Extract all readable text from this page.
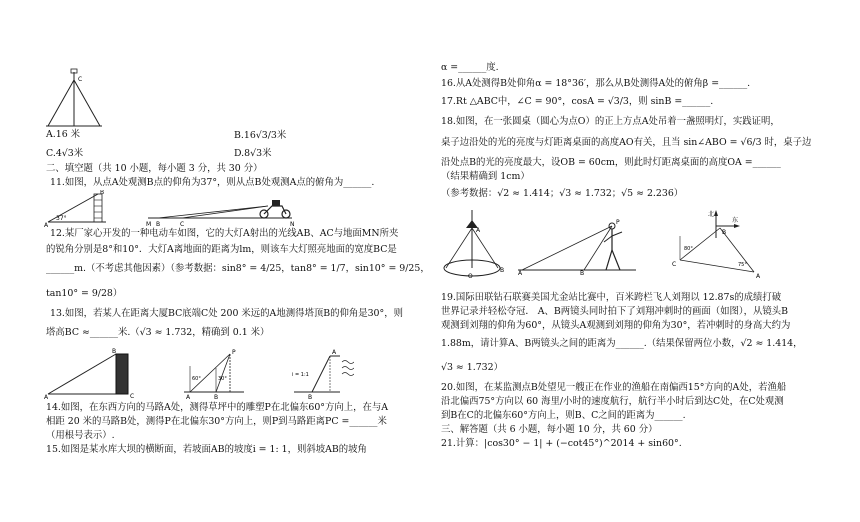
C
A.16 米	B.16√3/3米
C.4√3米	D.8√3米
二、填空题（共 10 小题，每小题 3 分，共 30 分）
11.如图，从点A处观测B点的仰角为37°，则从点B处观测A点的俯角为______.
A
B
37°
M B	C	N
12.某厂家心开发的一种电动车如图，它的大灯A射出的光线AB、AC与地面MN所夹
的锐角分别是8°和10°．大灯A离地面的距离为lm，则该车大灯照亮地面的宽度BC是
______m.（不考虑其他因素）（参考数据：sin8° = 4/25，tan8° = 1/7，sin10° = 9/25，
tan10° = 9/28）
13.如图，若某人在距离大厦BC底端C处 200 米远的A地测得塔顶B的仰角是30°，则
塔高BC ≈______米.（√3 ≈ 1.732，精确到 0.1 米）
A
B
C	A	B
P
60°	30°
A
B
i = 1:1
14.如图，在东西方向的马路A处，测得草坪中的雕塑P在北偏东60°方向上，在与A
相距 20 米的马路B处，测得P在北偏东30°方向上，则P到马路距离PC =______米
（用根号表示）.
15.如图是某水库大坝的横断面，若坡面AB的坡度i = 1: 1，则斜坡AB的坡角
α =______度.
16.从A处测得B处仰角α = 18°36′，那么从B处测得A处的俯角β =______.
17.Rt △ABC中，∠C = 90°，cosA = √3/3，则 sinB =______.
18.如图，在一张圆桌（圆心为点O）的正上方点A处吊着一盏照明灯，实践证明，
桌子边沿处的光的亮度与灯距离桌面的高度AO有关，且当 sin∠ABO = √6/3 时，桌子边
沿处点B的光的亮度最大，设OB = 60cm，则此时灯距离桌面的高度OA =______
（结果精确到 1cm）
（参考数据：√2 ≈ 1.414；√3 ≈ 1.732；√5 ≈ 2.236）
A
O
B A	B
P
北
东
B
C
A
80°
75°
19.国际田联钻石联赛美国尤金站比赛中，百米跨栏飞人刘翔以 12.87s的成绩打破
世界记录并轻松夺冠． A、B两镜头同时拍下了刘翔冲刺时的画面（如图），从镜头B
观测到刘翔的仰角为60°，从镜头A观测到刘翔的仰角为30°，若冲刺时的身高大约为
1.88m，请计算A、B两镜头之间的距离为______.（结果保留两位小数，√2 ≈ 1.414，
√3 ≈ 1.732）
20.如图，在某监测点B处望见一艘正在作业的渔船在南偏西15°方向的A处，若渔船
沿北偏西75°方向以 60 海里/小时的速度航行，航行半小时后到达C处，在C处观测
到B在C的北偏东60°方向上，则B、C之间的距离为______.
三、解答题（共 6 小题，每小题 10 分，共 60 分）
21.计算：|cos30° − 1| + (−cot45°)^2014 + sin60°.
